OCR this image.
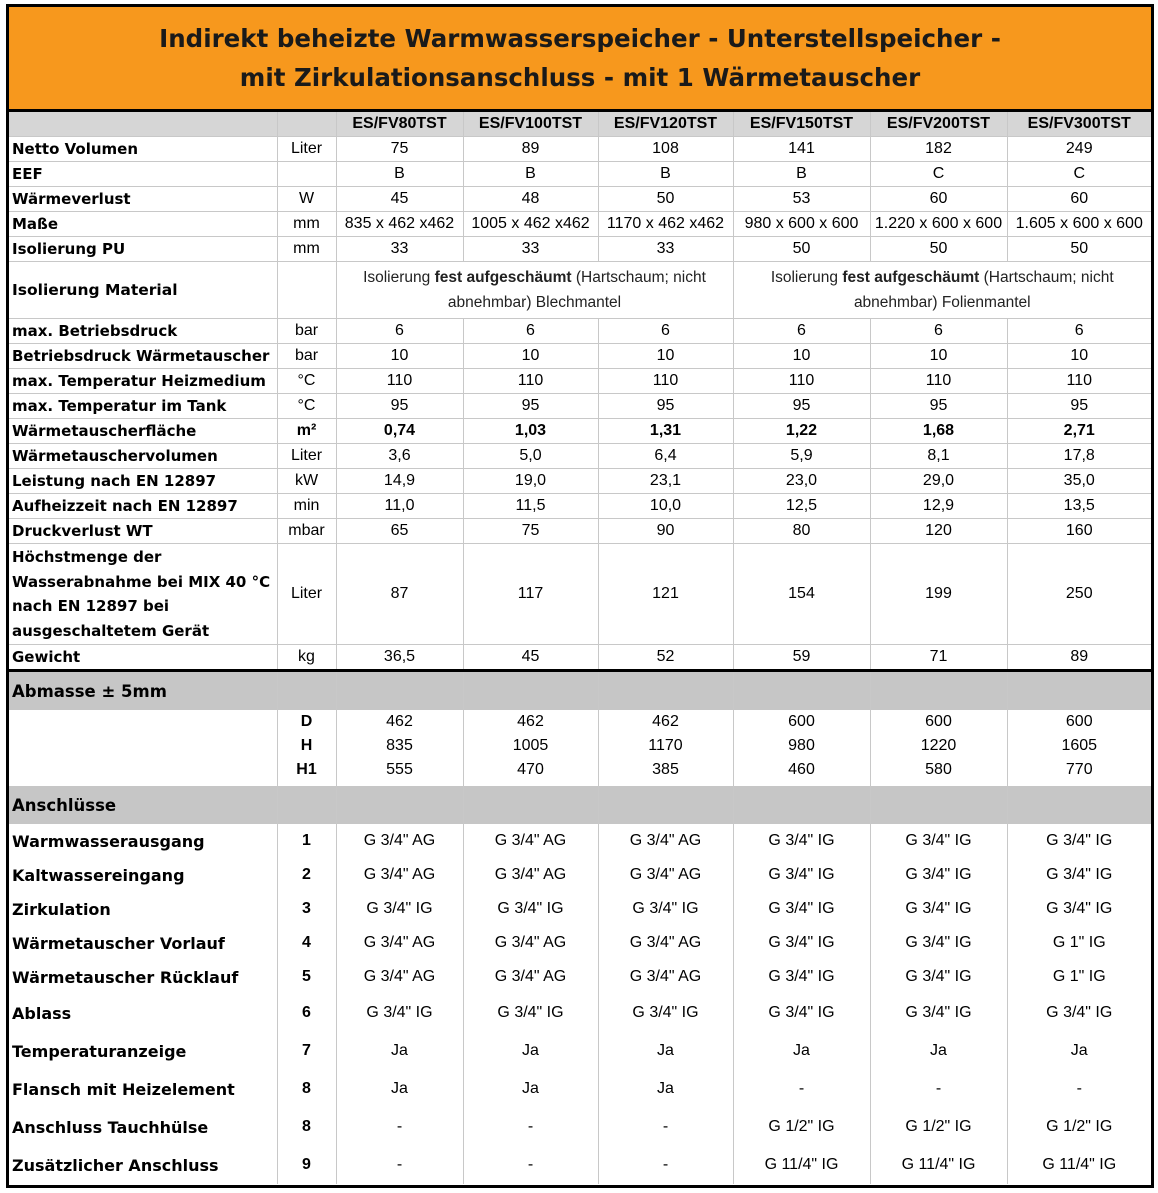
Indirekt beheizte Warmwasserspeicher - Unterstellspeicher -
mit Zirkulationsanschluss - mit 1 Wärmetauscher
		ES/FV80TST	ES/FV100TST	ES/FV120TST	ES/FV150TST	ES/FV200TST	ES/FV300TST
Netto Volumen	Liter	75	89	108	141	182	249
EEF		B	B	B	B	C	C
Wärmeverlust	W	45	48	50	53	60	60
Maße	mm	835 x 462 x462	1005 x 462 x462	1170 x 462 x462	980 x 600 x 600	1.220 x 600 x 600	1.605 x 600 x 600
Isolierung PU	mm	33	33	33	50	50	50
Isolierung Material		Isolierung fest aufgeschäumt (Hartschaum; nicht abnehmbar) Blechmantel			Isolierung fest aufgeschäumt (Hartschaum; nicht abnehmbar) Folienmantel		
max. Betriebsdruck	bar	6	6	6	6	6	6
Betriebsdruck Wärmetauscher	bar	10	10	10	10	10	10
max. Temperatur Heizmedium	°C	110	110	110	110	110	110
max. Temperatur im Tank	°C	95	95	95	95	95	95
Wärmetauscherfläche	m²	0,74	1,03	1,31	1,22	1,68	2,71
Wärmetauschervolumen	Liter	3,6	5,0	6,4	5,9	8,1	17,8
Leistung nach EN 12897	kW	14,9	19,0	23,1	23,0	29,0	35,0
Aufheizzeit nach EN 12897	min	11,0	11,5	10,0	12,5	12,9	13,5
Druckverlust WT	mbar	65	75	90	80	120	160
Höchstmenge der Wasserabnahme bei MIX 40 °C nach EN 12897 bei ausgeschaltetem Gerät	Liter	87	117	121	154	199	250
Gewicht	kg	36,5	45	52	59	71	89
Abmasse ± 5mm							
	D	462	462	462	600	600	600
	H	835	1005	1170	980	1220	1605
	H1	555	470	385	460	580	770

Anschlüsse							
Warmwasserausgang	1	G 3/4" AG	G 3/4" AG	G 3/4" AG	G 3/4" IG	G 3/4" IG	G 3/4" IG
Kaltwassereingang	2	G 3/4" AG	G 3/4" AG	G 3/4" AG	G 3/4" IG	G 3/4" IG	G 3/4" IG
Zirkulation	3	G 3/4" IG	G 3/4" IG	G 3/4" IG	G 3/4" IG	G 3/4" IG	G 3/4" IG
Wärmetauscher Vorlauf	4	G 3/4" AG	G 3/4" AG	G 3/4" AG	G 3/4" IG	G 3/4" IG	G 1" IG
Wärmetauscher Rücklauf	5	G 3/4" AG	G 3/4" AG	G 3/4" AG	G 3/4" IG	G 3/4" IG	G 1" IG
Ablass	6	G 3/4" IG	G 3/4" IG	G 3/4" IG	G 3/4" IG	G 3/4" IG	G 3/4" IG
Temperaturanzeige	7	Ja	Ja	Ja	Ja	Ja	Ja
Flansch mit Heizelement	8	Ja	Ja	Ja	-	-	-
Anschluss Tauchhülse	8	-	-	-	G 1/2" IG	G 1/2" IG	G 1/2" IG
Zusätzlicher Anschluss	9	-	-	-	G 11/4" IG	G 11/4" IG	G 11/4" IG
